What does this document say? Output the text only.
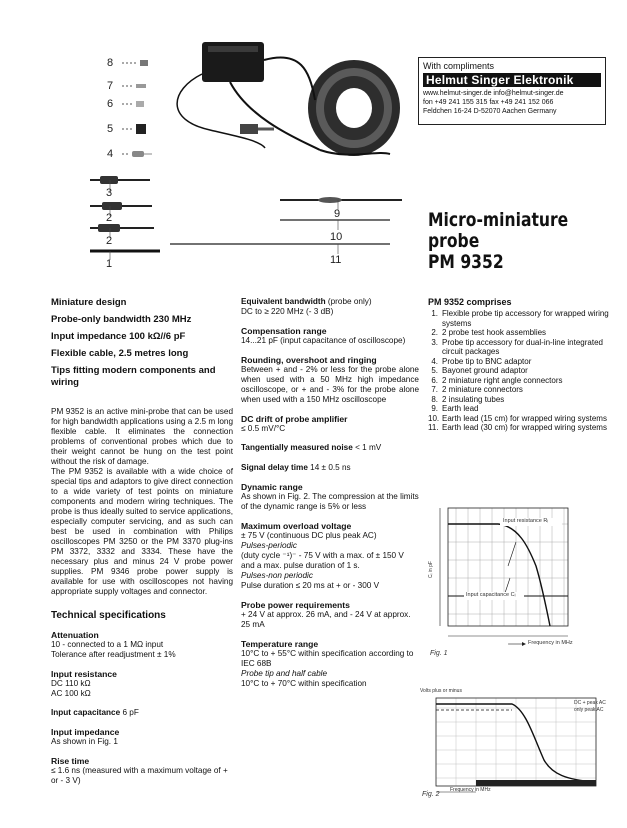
With compliments
Helmut Singer Elektronik
www.helmut-singer.de info@helmut-singer.de
fon +49 241 155 315 fax +49 241 152 066
Feldchen 16-24 D-52070 Aachen Germany
8
7
6
5
4
3
2
2
1
9
10
11
Micro-miniature
probe
PM 9352
Miniature design
Probe-only bandwidth 230 MHz
Input impedance 100 kΩ//6 pF
Flexible cable, 2.5 metres long
Tips fitting modern components and wiring

PM 9352 is an active mini-probe that can be used for high bandwidth applications using a 2.5 m long flexible cable. It eliminates the connection problems of conventional probes which due to their weight cannot be hung on the test point without the risk of damage.

The PM 9352 is available with a wide choice of special tips and adaptors to give direct connection to a wide variety of test points on miniature components and modern wiring techniques. The probe is thus ideally suited to service applications, especially computer servicing, and as such can best be used in combination with Philips oscilloscopes PM 3250 or the PM 3370 plug-ins PM 3372, 3332 and 3334. These have the necessary plus and minus 24 V probe power supplies. PM 9346 probe power supply is available for use with oscilloscopes not having appropriate supply voltages and connector.

Technical specifications
Attenuation
10 - connected to a 1 MΩ input
Tolerance after readjustment ± 1%
Input resistance
DC 110 kΩ
AC 100 kΩ
Input capacitance 6 pF
Input impedance
As shown in Fig. 1
Rise time
≤ 1.6 ns (measured with a maximum voltage of + or - 3 V)
Equivalent bandwidth (probe only)
DC to ≥ 220 MHz (- 3 dB)
Compensation range
14...21 pF (input capacitance of oscilloscope)
Rounding, overshoot and ringing
Between + and - 2% or less for the probe alone when used with a 50 MHz high impedance oscilloscope, or + and - 3% for the probe alone when used with a 150 MHz oscilloscope
DC drift of probe amplifier
≤ 0.5 mV/°C
Tangentially measured noise < 1 mV
Signal delay time 14 ± 0.5 ns
Dynamic range
As shown in Fig. 2. The compression at the limits of the dynamic range is 5% or less
Maximum overload voltage
± 75 V (continuous DC plus peak AC)
Pulses-periodic
(duty cycle ⁻¹)⁻ - 75 V with a max. of ± 150 V and a max. pulse duration of 1 s.
Pulses-non periodic
Pulse duration ≤ 20 ms at + or - 300 V
Probe power requirements
+ 24 V at approx. 26 mA, and - 24 V at approx. 25 mA
Temperature range
10°C to + 55°C within specification according to IEC 68B
Probe tip and half cable
10°C to + 70°C within specification
PM 9352 comprises
1. Flexible probe tip accessory for wrapped wiring systems
2. 2 probe test hook assemblies
3. Probe tip accessory for dual-in-line integrated circuit packages
4. Probe tip to BNC adaptor
5. Bayonet ground adaptor
6. 2 miniature right angle connectors
7. 2 miniature connectors
8. 2 insulating tubes
9. Earth lead
10. Earth lead (15 cm) for wrapped wiring systems
11. Earth lead (30 cm) for wrapped wiring systems
Input resistance Rᵢ
Input capacitance Cᵢ
Cᵢ in pF
Frequency in MHz
Fig. 1
Volts plus or minus
DC + peak AC
only peak AC
Frequency in MHz
Fig. 2
